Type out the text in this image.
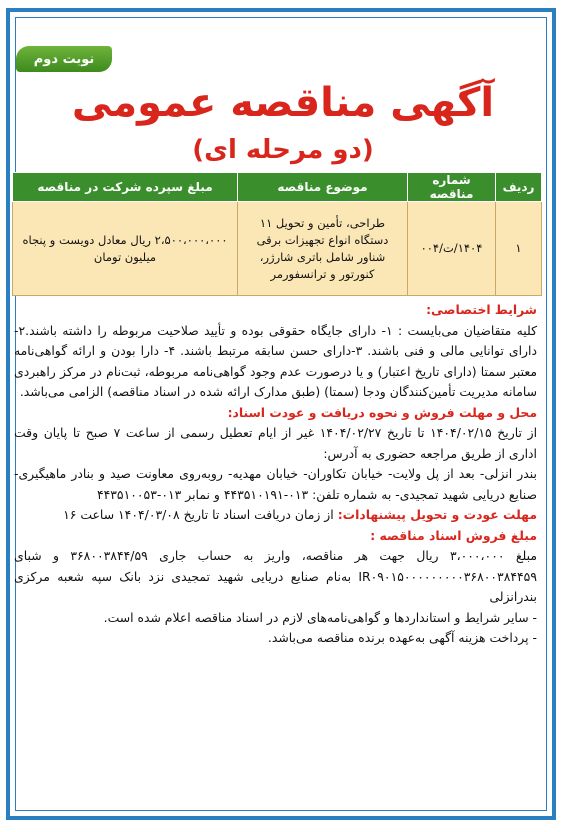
نوبت دوم
آگهی مناقصه عمومی
(دو مرحله ای)
ردیف	شماره مناقصه	موضوع مناقصه	مبلغ سپرده شرکت در مناقصه
۱	۱۴۰۴/ت/۰۰۴	طراحی، تأمین و تحویل ۱۱ دستگاه انواع تجهیزات برقی شناور شامل باتری شارژر، کنورتور و ترانسفورمر	۲،۵۰۰،۰۰۰،۰۰۰ ریال معادل دویست و پنجاه میلیون تومان

شرایط اختصاصی:

کلیه متقاضیان می‌بایست : ۱- دارای جایگاه حقوقی بوده و تأیید صلاحیت مربوطه را داشته باشند.۲- دارای توانایی مالی و فنی باشند. ۳-دارای حسن سابقه مرتبط باشند. ۴- دارا بودن و ارائه گواهی‌نامه معتبر سمتا (دارای تاریخ اعتبار) و یا درصورت عدم وجود گواهی‌نامه مربوطه، ثبت‌نام در مرکز راهبردی سامانه مدیریت تأمین‌کنندگان ودجا (سمتا) (طبق مدارک ارائه شده در اسناد مناقصه) الزامی می‌باشد.

محل و مهلت فروش و نحوه دریافت و عودت اسناد:

از تاریخ ۱۴۰۴/۰۲/۱۵ تا تاریخ ۱۴۰۴/۰۲/۲۷ غیر از ایام تعطیل رسمی از ساعت ۷ صبح تا پایان وقت اداری از طریق مراجعه حضوری به آدرس:

بندر انزلی- بعد از پل ولایت- خیابان تکاوران- خیابان مهدیه- روبه‌روی معاونت صید و بنادر ماهیگیری- صنایع دریایی شهید تمجیدی- به شماره تلفن: ۰۱۳-۴۴۳۵۱۰۱۹۱ و نمابر ۰۱۳-۴۴۳۵۱۰۰۵۳

مهلت عودت و تحویل پیشنهادات: از زمان دریافت اسناد تا تاریخ ۱۴۰۴/۰۳/۰۸ ساعت ۱۶

مبلغ فروش اسناد مناقصه :

مبلغ ۳،۰۰۰،۰۰۰ ریال جهت هر مناقصه، واریز به حساب جاری ۳۶۸۰۰۳۸۴۴/۵۹ و شبای IR۰۹۰۱۵۰۰۰۰۰۰۰۰۰۳۶۸۰۰۳۸۴۴۵۹ به‌نام صنایع دریایی شهید تمجیدی نزد بانک سپه شعبه مرکزی بندرانزلی

- سایر شرایط و استانداردها و گواهی‌نامه‌های لازم در اسناد مناقصه اعلام شده است.

- پرداخت هزینه آگهی به‌عهده برنده مناقصه می‌باشد.
